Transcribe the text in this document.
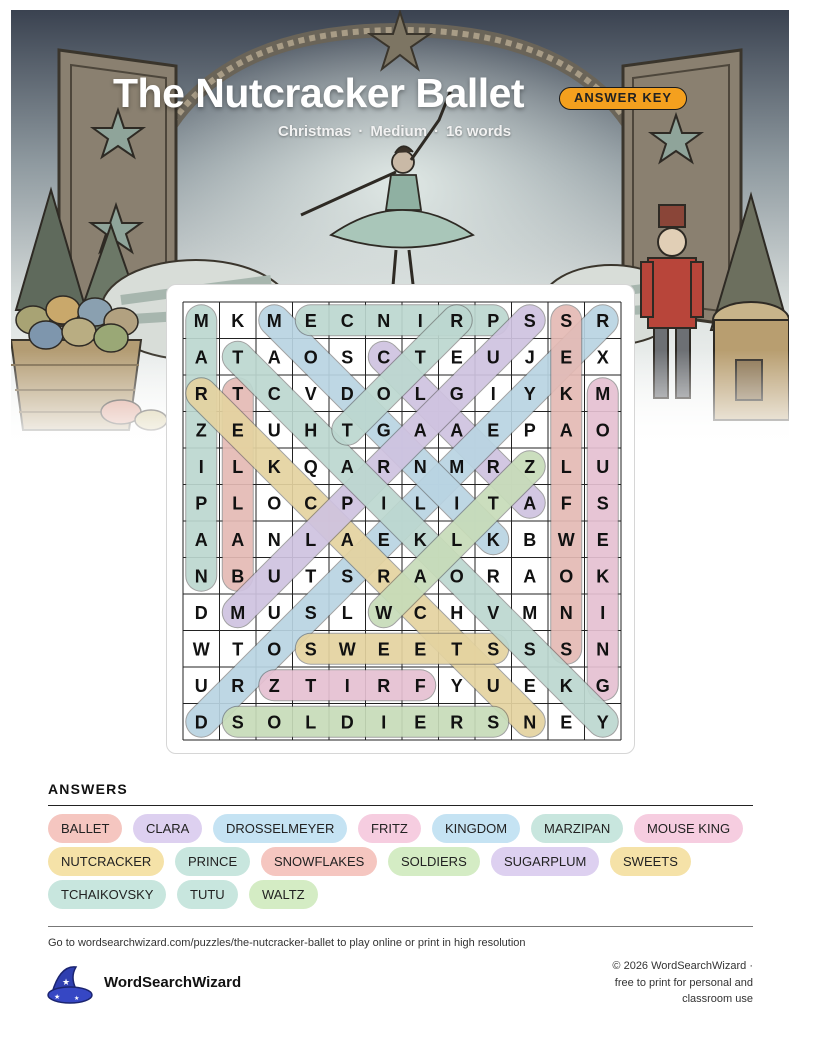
The Nutcracker Ballet	ANSWER KEY
Christmas · Medium · 16 words
M K M E C N I R P S S R
A T A O S C T E U J E X
R T C V D O L G I Y K M
Z E U H T G A A E P A O
I L K Q A R N M R Z L U
P L O C P I L I T A F S
A A N L A E K L K B W E
N B U T S R A O R A O K
D M U S L W C H V M N I
W T O S W E E T S S S N
U R Z T I R F Y U E K G
D S O L D I E R S N E Y
ANSWERS
BALLET	CLARA	DROSSELMEYER	FRITZ	KINGDOM	MARZIPAN	MOUSE KING
NUTCRACKER	PRINCE	SNOWFLAKES	SOLDIERS	SUGARPLUM	SWEETS
TCHAIKOVSKY	TUTU	WALTZ
Go to wordsearchwizard.com/puzzles/the-nutcracker-ballet to play online or print in high resolution
★
★ ★
WordSearchWizard
© 2026 WordSearchWizard ·
free to print for personal and
classroom use
